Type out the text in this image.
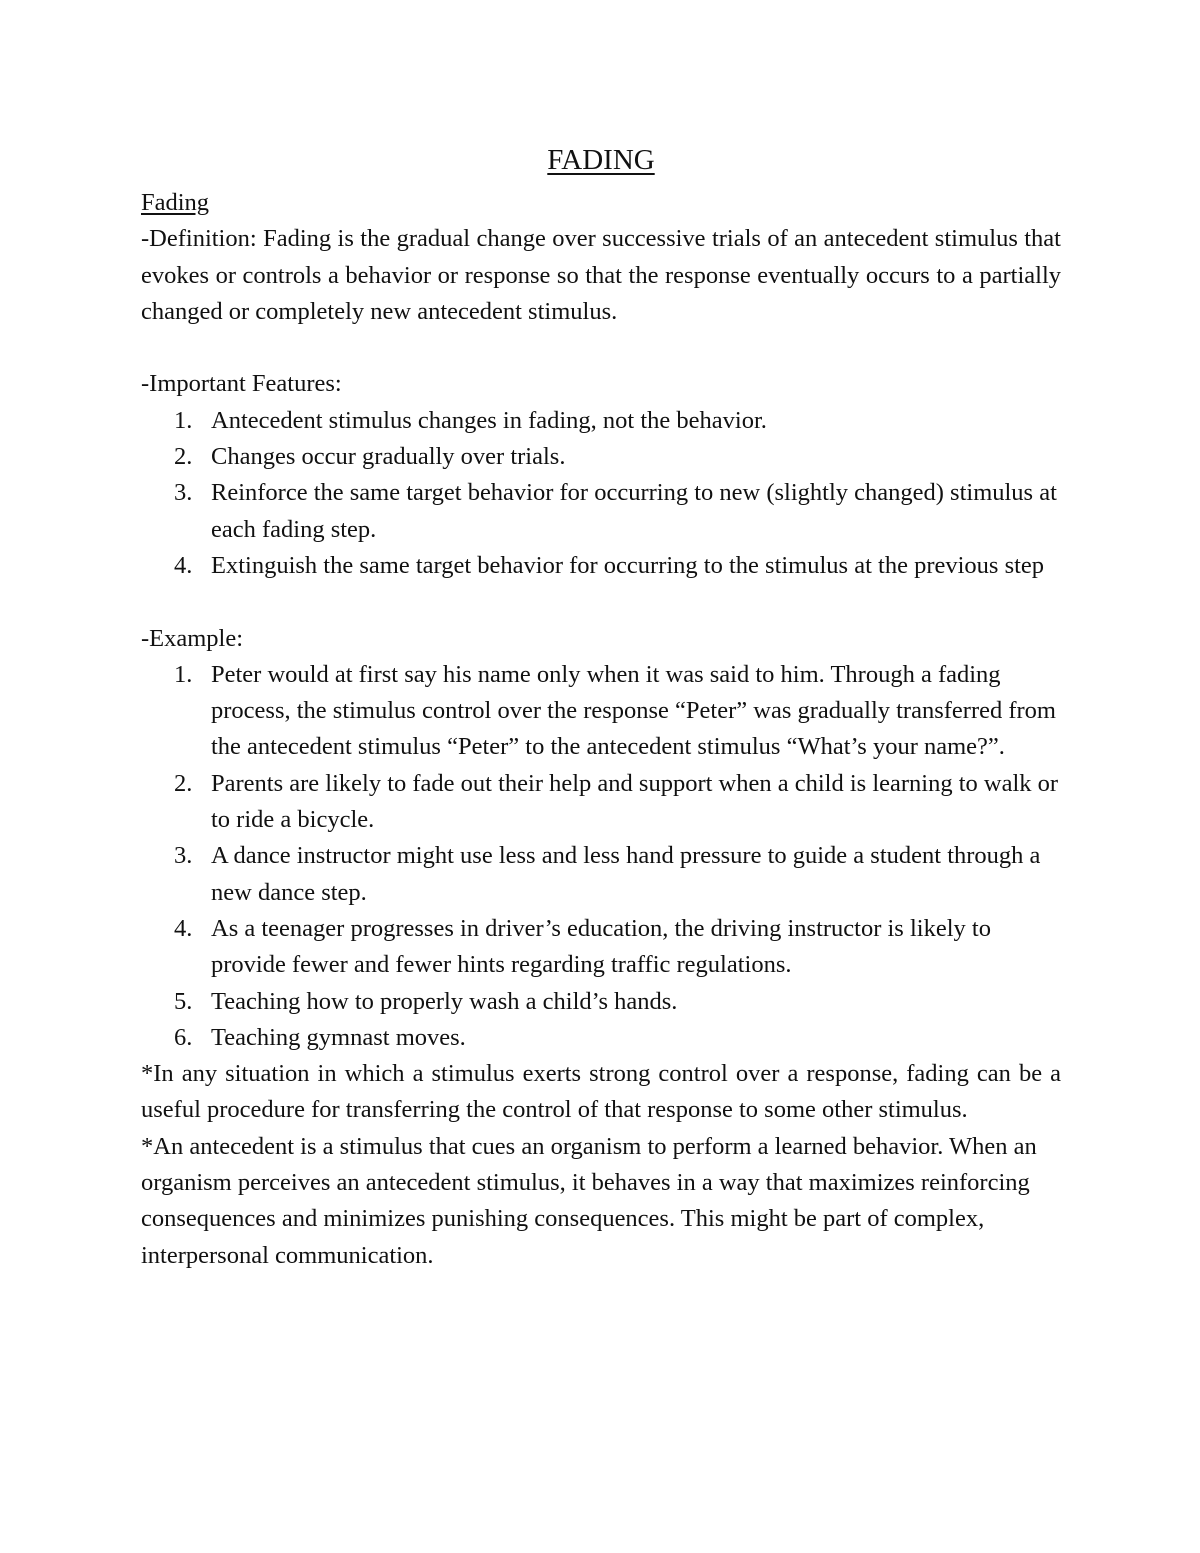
FADING

Fading

-Definition: Fading is the gradual change over successive trials of an antecedent stimulus that evokes or controls a behavior or response so that the response eventually occurs to a partially changed or completely new antecedent stimulus.

-Important Features:

1. Antecedent stimulus changes in fading, not the behavior.
2. Changes occur gradually over trials.
3. Reinforce the same target behavior for occurring to new (slightly changed) stimulus at each fading step.
4. Extinguish the same target behavior for occurring to the stimulus at the previous step

-Example:

1. Peter would at first say his name only when it was said to him. Through a fading process, the stimulus control over the response “Peter” was gradually transferred from the antecedent stimulus “Peter” to the antecedent stimulus “What’s your name?”.
2. Parents are likely to fade out their help and support when a child is learning to walk or to ride a bicycle.
3. A dance instructor might use less and less hand pressure to guide a student through a new dance step.
4. As a teenager progresses in driver’s education, the driving instructor is likely to provide fewer and fewer hints regarding traffic regulations.
5. Teaching how to properly wash a child’s hands.
6. Teaching gymnast moves.

*In any situation in which a stimulus exerts strong control over a response, fading can be a useful procedure for transferring the control of that response to some other stimulus.

*An antecedent is a stimulus that cues an organism to perform a learned behavior. When an organism perceives an antecedent stimulus, it behaves in a way that maximizes reinforcing consequences and minimizes punishing consequences. This might be part of complex, interpersonal communication.
